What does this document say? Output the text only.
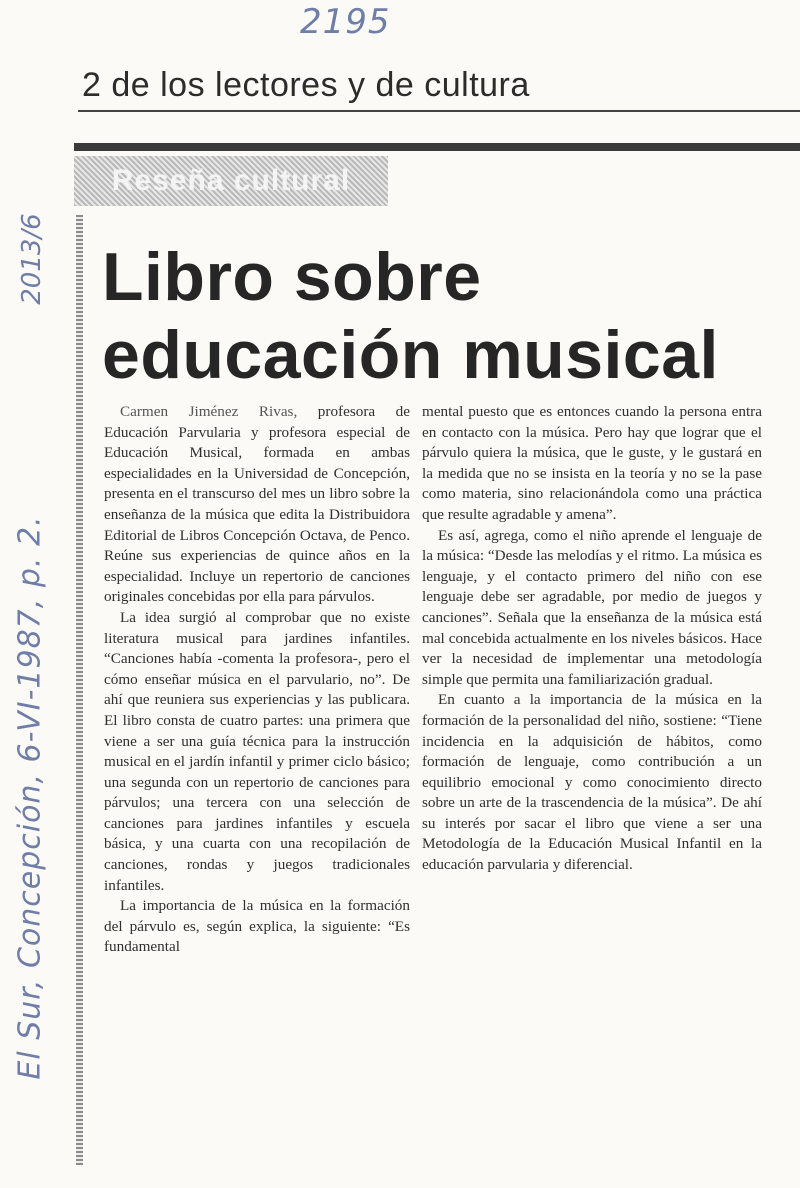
2195
2013/6
El Sur, Concepción, 6-VI-1987, p. 2.
2 de los lectores y de cultura
Reseña cultural
Libro sobre
educación musical

Carmen Jiménez Rivas, profesora de Educación Parvularia y profesora especial de Educación Musical, formada en ambas especialidades en la Universidad de Concepción, presenta en el transcurso del mes un libro sobre la enseñanza de la música que edita la Distribuidora Editorial de Libros Concepción Octava, de Penco. Reúne sus experiencias de quince años en la especialidad. Incluye un repertorio de canciones originales concebidas por ella para párvulos.

La idea surgió al comprobar que no existe literatura musical para jardines infantiles. “Canciones había -comenta la profesora-, pero el cómo enseñar música en el parvulario, no”. De ahí que reuniera sus experiencias y las publicara. El libro consta de cuatro partes: una primera que viene a ser una guía técnica para la instrucción musical en el jardín infantil y primer ciclo básico; una segunda con un repertorio de canciones para párvulos; una tercera con una selección de canciones para jardines infantiles y escuela básica, y una cuarta con una recopilación de canciones, rondas y juegos tradicionales infantiles.

La importancia de la música en la formación del párvulo es, según explica, la siguiente: “Es fundamental

mental puesto que es entonces cuando la persona entra en contacto con la música. Pero hay que lograr que el párvulo quiera la música, que le guste, y le gustará en la medida que no se insista en la teoría y no se la pase como materia, sino relacionándola como una práctica que resulte agradable y amena”.

Es así, agrega, como el niño aprende el lenguaje de la música: “Desde las melodías y el ritmo. La música es lenguaje, y el contacto primero del niño con ese lenguaje debe ser agradable, por medio de juegos y canciones”. Señala que la enseñanza de la música está mal concebida actualmente en los niveles básicos. Hace ver la necesidad de implementar una metodología simple que permita una familiarización gradual.

En cuanto a la importancia de la música en la formación de la personalidad del niño, sostiene: “Tiene incidencia en la adquisición de hábitos, como formación de lenguaje, como contribución a un equilibrio emocional y como conocimiento directo sobre un arte de la trascendencia de la música”. De ahí su interés por sacar el libro que viene a ser una Metodología de la Educación Musical Infantil en la educación parvularia y diferencial.
